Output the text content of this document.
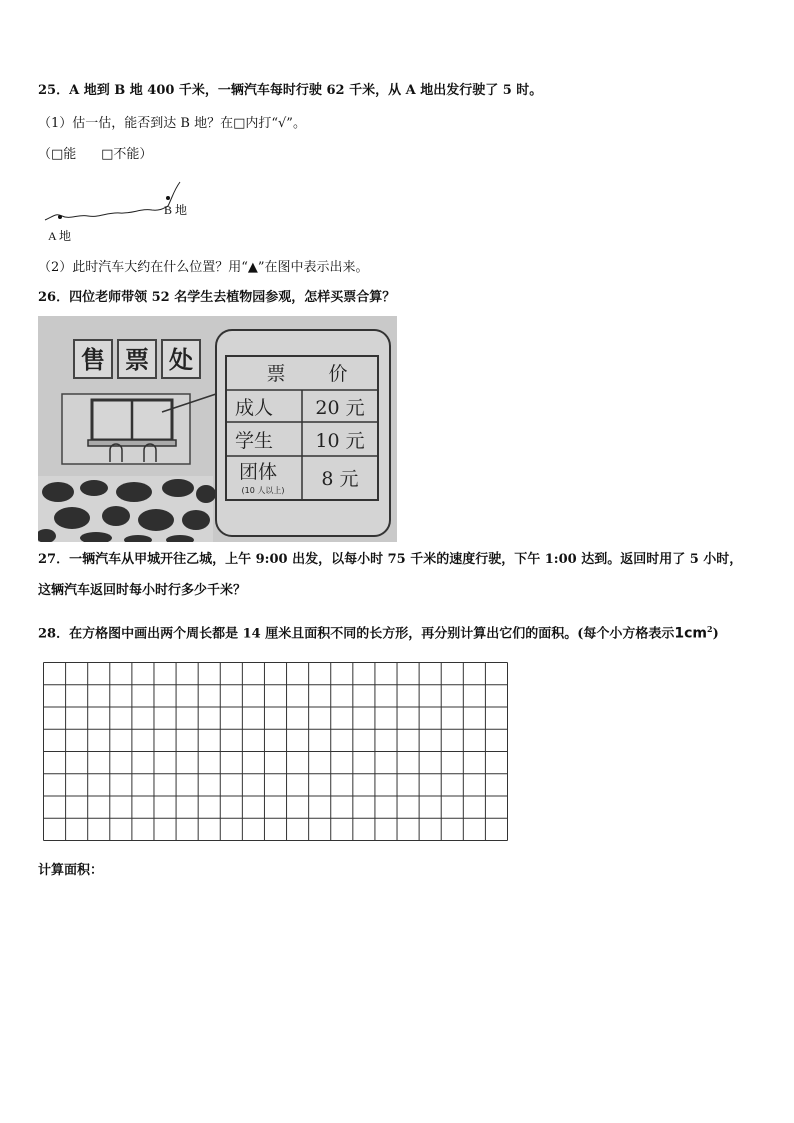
25．A 地到 B 地 400 千米，一辆汽车每时行驶 62 千米，从 A 地出发行驶了 5 时。
（1）估一估，能否到达 B 地？在□内打“√”。
（□能 □不能）
A 地
B 地
（2）此时汽车大约在什么位置？用“▲”在图中表示出来。
26．四位老师带领 52 名学生去植物园参观，怎样买票合算？
售 票 处	票 价
成人 20 元
学生 10 元
团体
(10 人以上)
8 元
27．一辆汽车从甲城开往乙城，上午 9:00 出发，以每小时 75 千米的速度行驶，下午 1:00 达到。返回时用了 5 小时，
这辆汽车返回时每小时行多少千米？
28．在方格图中画出两个周长都是 14 厘米且面积不同的长方形，再分别计算出它们的面积。(每个小方格表示$1cm^2$)
计算面积：
